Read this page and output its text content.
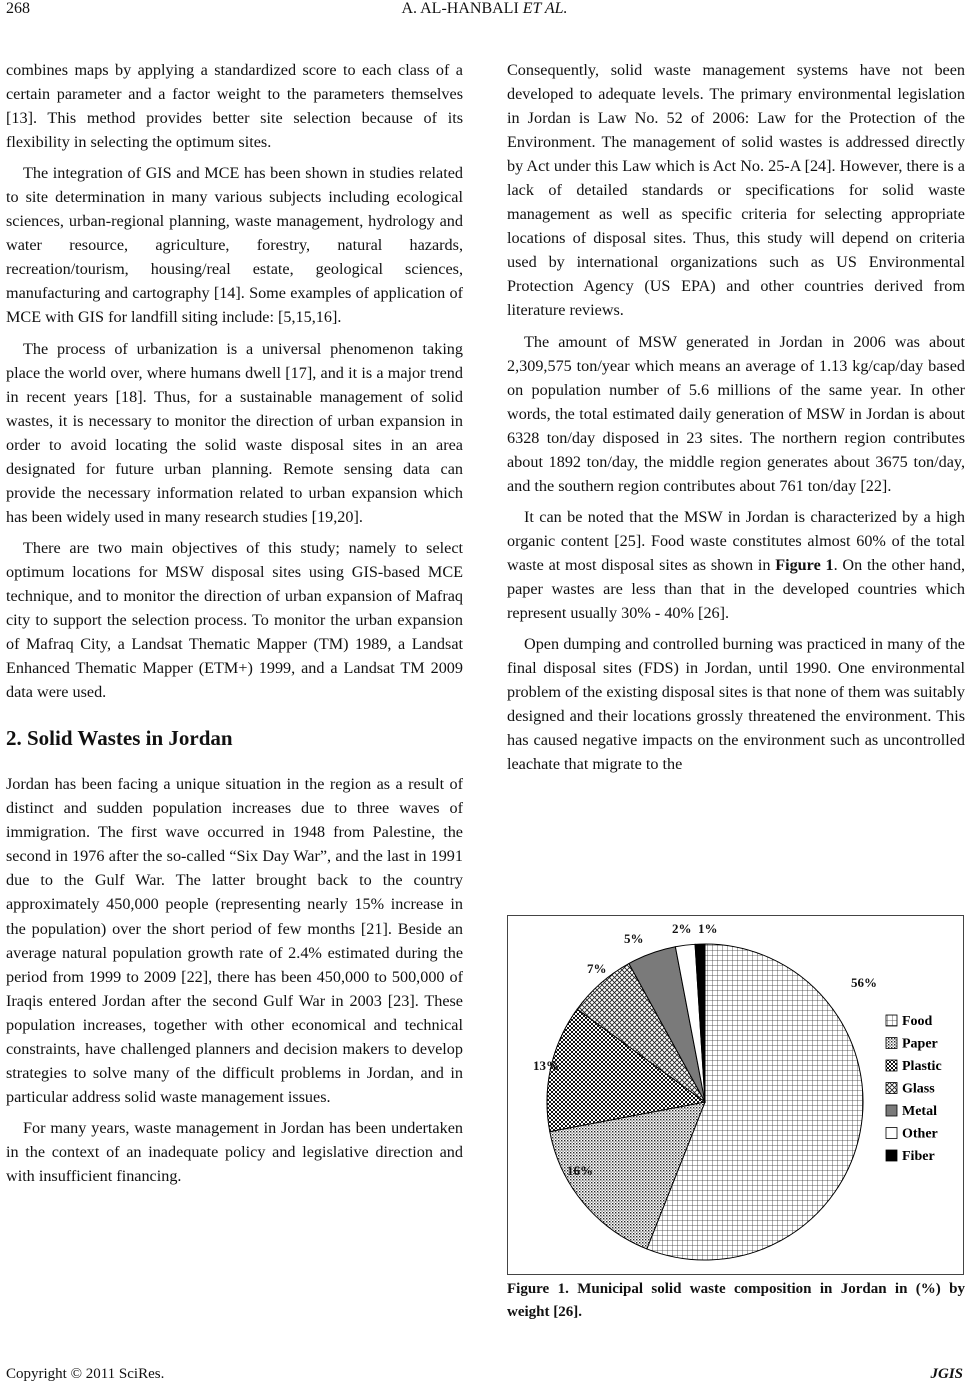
268	A. AL-HANBALI ET AL.

combines maps by applying a standardized score to each class of a certain parameter and a factor weight to the parameters themselves [13]. This method provides better site selection because of its flexibility in selecting the optimum sites.

The integration of GIS and MCE has been shown in studies related to site determination in many various subjects including ecological sciences, urban-regional planning, waste management, hydrology and water resource, agriculture, forestry, natural hazards, recreation/tourism, housing/real estate, geological sciences, manufacturing and cartography [14]. Some examples of application of MCE with GIS for landfill siting include: [5,15,16].

The process of urbanization is a universal phenomenon taking place the world over, where humans dwell [17], and it is a major trend in recent years [18]. Thus, for a sustainable management of solid wastes, it is necessary to monitor the direction of urban expansion in order to avoid locating the solid waste disposal sites in an area designated for future urban planning. Remote sensing data can provide the necessary information related to urban expansion which has been widely used in many research studies [19,20].

There are two main objectives of this study; namely to select optimum locations for MSW disposal sites using GIS-based MCE technique, and to monitor the direction of urban expansion of Mafraq city to support the selection process. To monitor the urban expansion of Mafraq City, a Landsat Thematic Mapper (TM) 1989, a Landsat Enhanced Thematic Mapper (ETM+) 1999, and a Landsat TM 2009 data were used.

2. Solid Wastes in Jordan

Jordan has been facing a unique situation in the region as a result of distinct and sudden population increases due to three waves of immigration. The first wave occurred in 1948 from Palestine, the second in 1976 after the so-called “Six Day War”, and the last in 1991 due to the Gulf War. The latter brought back to the country approximately 450,000 people (representing nearly 15% increase in the population) over the short period of few months [21]. Beside an average natural population growth rate of 2.4% estimated during the period from 1999 to 2009 [22], there has been 450,000 to 500,000 of Iraqis entered Jordan after the second Gulf War in 2003 [23]. These population increases, together with other economical and technical constraints, have challenged planners and decision makers to develop strategies to solve many of the difficult problems in Jordan, and in particular address solid waste management issues.

For many years, waste management in Jordan has been undertaken in the context of an inadequate policy and legislative direction and with insufficient financing.

Consequently, solid waste management systems have not been developed to adequate levels. The primary environmental legislation in Jordan is Law No. 52 of 2006: Law for the Protection of the Environment. The management of solid wastes is addressed directly by Act under this Law which is Act No. 25-A [24]. However, there is a lack of detailed standards or specifications for solid waste management as well as specific criteria for selecting appropriate locations of disposal sites. Thus, this study will depend on criteria used by international organizations such as US Environmental Protection Agency (US EPA) and other countries derived from literature reviews.

The amount of MSW generated in Jordan in 2006 was about 2,309,575 ton/year which means an average of 1.13 kg/cap/day based on population number of 5.6 millions of the same year. In other words, the total estimated daily generation of MSW in Jordan is about 6328 ton/day disposed in 23 sites. The northern region contributes about 1892 ton/day, the middle region generates about 3675 ton/day, and the southern region contributes about 761 ton/day [22].

It can be noted that the MSW in Jordan is characterized by a high organic content [25]. Food waste constitutes almost 60% of the total waste at most disposal sites as shown in Figure 1. On the other hand, paper wastes are less than that in the developed countries which represent usually 30% - 40% [26].

Open dumping and controlled burning was practiced in many of the final disposal sites (FDS) in Jordan, until 1990. One environmental problem of the existing disposal sites is that none of them was suitably designed and their locations grossly threatened the environment. This has caused negative impacts on the environment such as uncontrolled leachate that migrate to the

56%
16%
13%
7%
5%
2% 1%
Food
Paper
Plastic
Glass
Metal
Other
Fiber
Figure 1. Municipal solid waste composition in Jordan in (%) by weight [26].
Copyright © 2011 SciRes.	JGIS
